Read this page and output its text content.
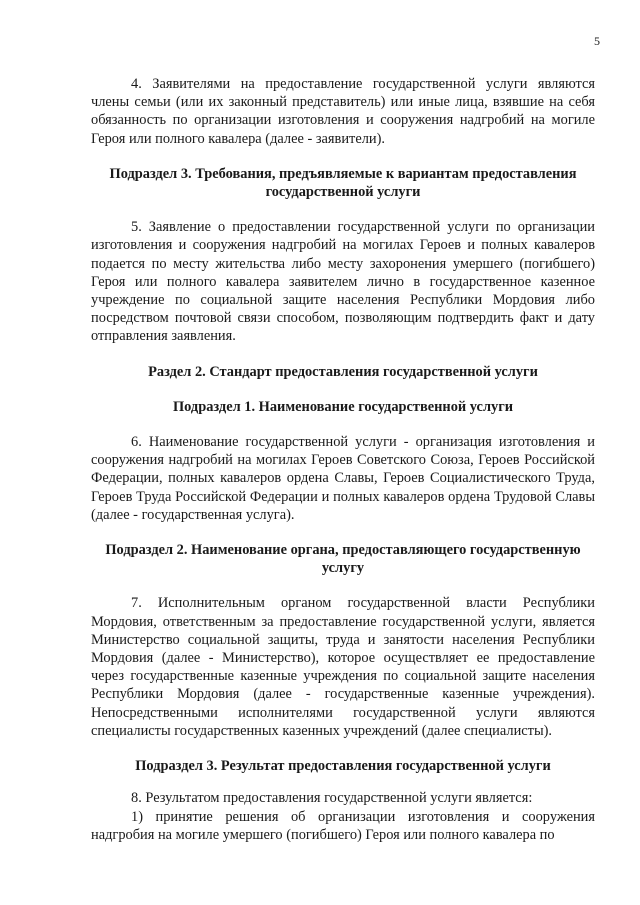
5

4. Заявителями на предоставление государственной услуги являются члены семьи (или их законный представитель) или иные лица, взявшие на себя обязанность по организации изготовления и сооружения надгробий на могиле Героя или полного кавалера (далее - заявители).

Подраздел 3. Требования, предъявляемые к вариантам предоставления государственной услуги

5. Заявление о предоставлении государственной услуги по организации изготовления и сооружения надгробий на могилах Героев и полных кавалеров подается по месту жительства либо месту захоронения умершего (погибшего) Героя или полного кавалера заявителем лично в государственное казенное учреждение по социальной защите населения Республики Мордовия либо посредством почтовой связи способом, позволяющим подтвердить факт и дату отправления заявления.

Раздел 2. Стандарт предоставления государственной услуги

Подраздел 1. Наименование государственной услуги

6. Наименование государственной услуги - организация изготовления и сооружения надгробий на могилах Героев Советского Союза, Героев Российской Федерации, полных кавалеров ордена Славы, Героев Социалистического Труда, Героев Труда Российской Федерации и полных кавалеров ордена Трудовой Славы (далее - государственная услуга).

Подраздел 2. Наименование органа, предоставляющего государственную услугу

7. Исполнительным органом государственной власти Республики Мордовия, ответственным за предоставление государственной услуги, является Министерство социальной защиты, труда и занятости населения Республики Мордовия (далее - Министерство), которое осуществляет ее предоставление через государственные казенные учреждения по социальной защите населения Республики Мордовия (далее - государственные казенные учреждения). Непосредственными исполнителями государственной услуги являются специалисты государственных казенных учреждений (далее специалисты).

Подраздел 3. Результат предоставления государственной услуги

8. Результатом предоставления государственной услуги является:

1) принятие решения об организации изготовления и сооружения надгробия на могиле умершего (погибшего) Героя или полного кавалера по
